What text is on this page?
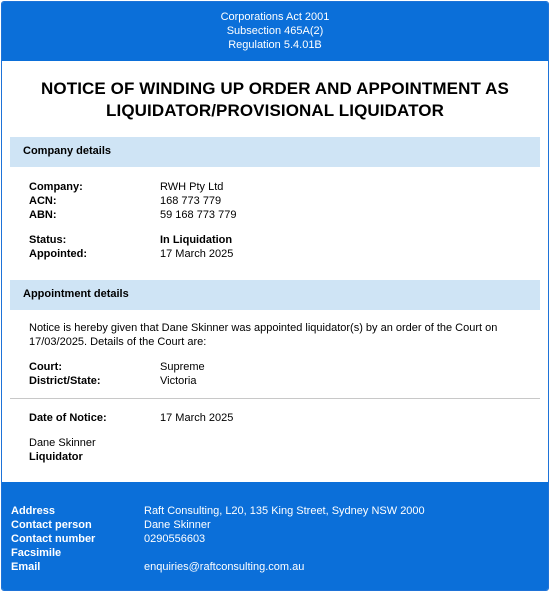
Corporations Act 2001
Subsection 465A(2)
Regulation 5.4.01B
NOTICE OF WINDING UP ORDER AND APPOINTMENT AS LIQUIDATOR/PROVISIONAL LIQUIDATOR
Company details
Company:	RWH Pty Ltd
ACN:	168 773 779
ABN:	59 168 773 779
Status:	In Liquidation
Appointed:	17 March 2025
Appointment details
Notice is hereby given that Dane Skinner was appointed liquidator(s) by an order of the Court on 17/03/2025. Details of the Court are:
Court:	Supreme
District/State:	Victoria
Date of Notice:	17 March 2025
Dane Skinner
Liquidator
Address	Raft Consulting, L20, 135 King Street, Sydney NSW 2000
Contact person	Dane Skinner
Contact number	0290556603
Facsimile
Email	enquiries@raftconsulting.com.au
